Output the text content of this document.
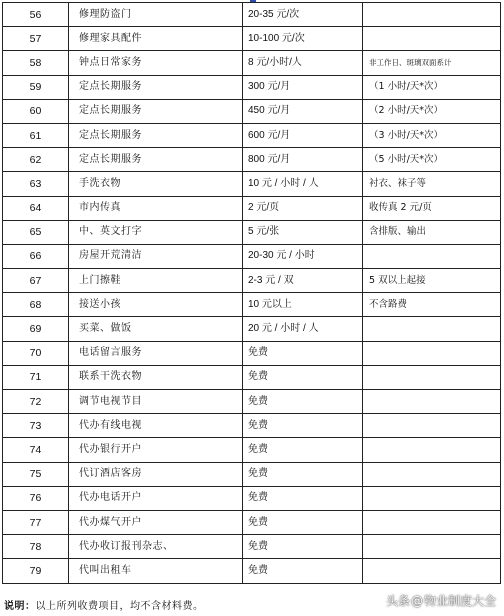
56	修理防盗门	20-35 元/次	
57	修理家具配件	10-100 元/次	
58	钟点日常家务	8 元/小时/人	非工作日、斑璃双面系计
59	定点长期服务	300 元/月	（1 小时/天*次）
60	定点长期服务	450 元/月	（2 小时/天*次）
61	定点长期服务	600 元/月	（3 小时/天*次）
62	定点长期服务	800 元/月	（5 小时/天*次）
63	手洗衣物	10 元 / 小时 / 人	衬衣、袜子等
64	市内传真	2 元/页	收传真 2 元/页
65	中、英文打字	5 元/张	含排版、输出
66	房屋开荒清洁	20-30 元 / 小时	
67	上门擦鞋	2-3 元 / 双	5 双以上起接
68	接送小孩	10 元以上	不含路费
69	买菜、做饭	20 元 / 小时 / 人	
70	电话留言服务	免费	
71	联系干洗衣物	免费	
72	调节电视节目	免费	
73	代办有线电视	免费	
74	代办银行开户	免费	
75	代订酒店客房	免费	
76	代办电话开户	免费	
77	代办煤气开户	免费	
78	代办收订报刊杂志、	免费	
79	代叫出租车	免费	
说明：以上所列收费项目，均不含材料费。	头条 @ 物业制度大全
